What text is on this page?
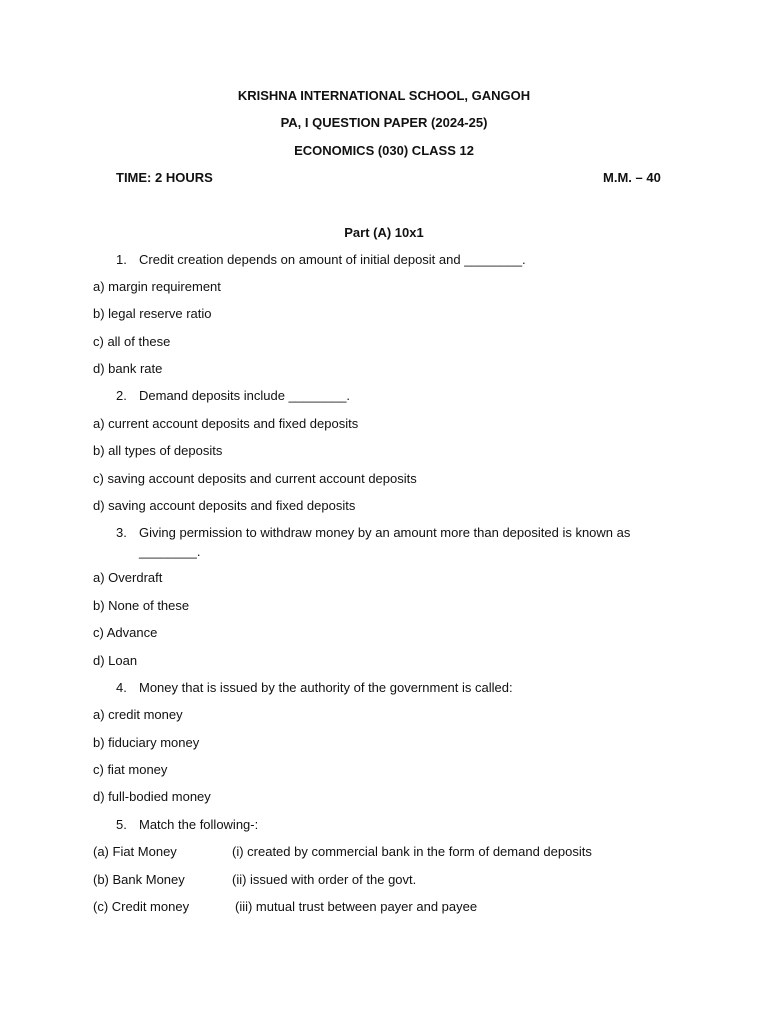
KRISHNA INTERNATIONAL SCHOOL, GANGOH
PA, I QUESTION PAPER (2024-25)
ECONOMICS (030) CLASS 12
TIME: 2 HOURS	M.M. – 40
Part (A) 10x1
1. Credit creation depends on amount of initial deposit and ________.
a) margin requirement
b) legal reserve ratio
c) all of these
d) bank rate
2. Demand deposits include ________.
a) current account deposits and fixed deposits
b) all types of deposits
c) saving account deposits and current account deposits
d) saving account deposits and fixed deposits
3. Giving permission to withdraw money by an amount more than deposited is known as
________.
a) Overdraft
b) None of these
c) Advance
d) Loan
4. Money that is issued by the authority of the government is called:
a) credit money
b) fiduciary money
c) fiat money
d) full-bodied money
5. Match the following-:
(a) Fiat Money	(i) created by commercial bank in the form of demand deposits
(b) Bank Money	(ii) issued with order of the govt.
(c) Credit money	(iii) mutual trust between payer and payee
